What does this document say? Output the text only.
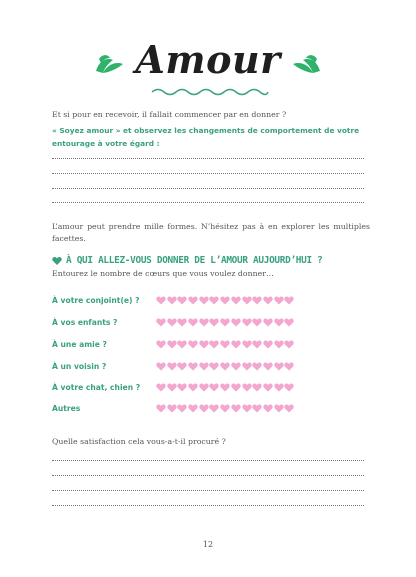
Amour
Et si pour en recevoir, il fallait commencer par en donner ?
« Soyez amour » et observez les changements de comportement de votre entourage à votre égard :
L’amour peut prendre mille formes. N’hésitez pas à en explorer les multiples facettes.
À QUI ALLEZ-VOUS DONNER DE L’AMOUR AUJOURD’HUI ?
Entourez le nombre de cœurs que vous voulez donner…
À votre conjoint(e) ?
À vos enfants ?
À une amie ?
À un voisin ?
À votre chat, chien ?
Autres
Quelle satisfaction cela vous-a-t-il procuré ?
12
